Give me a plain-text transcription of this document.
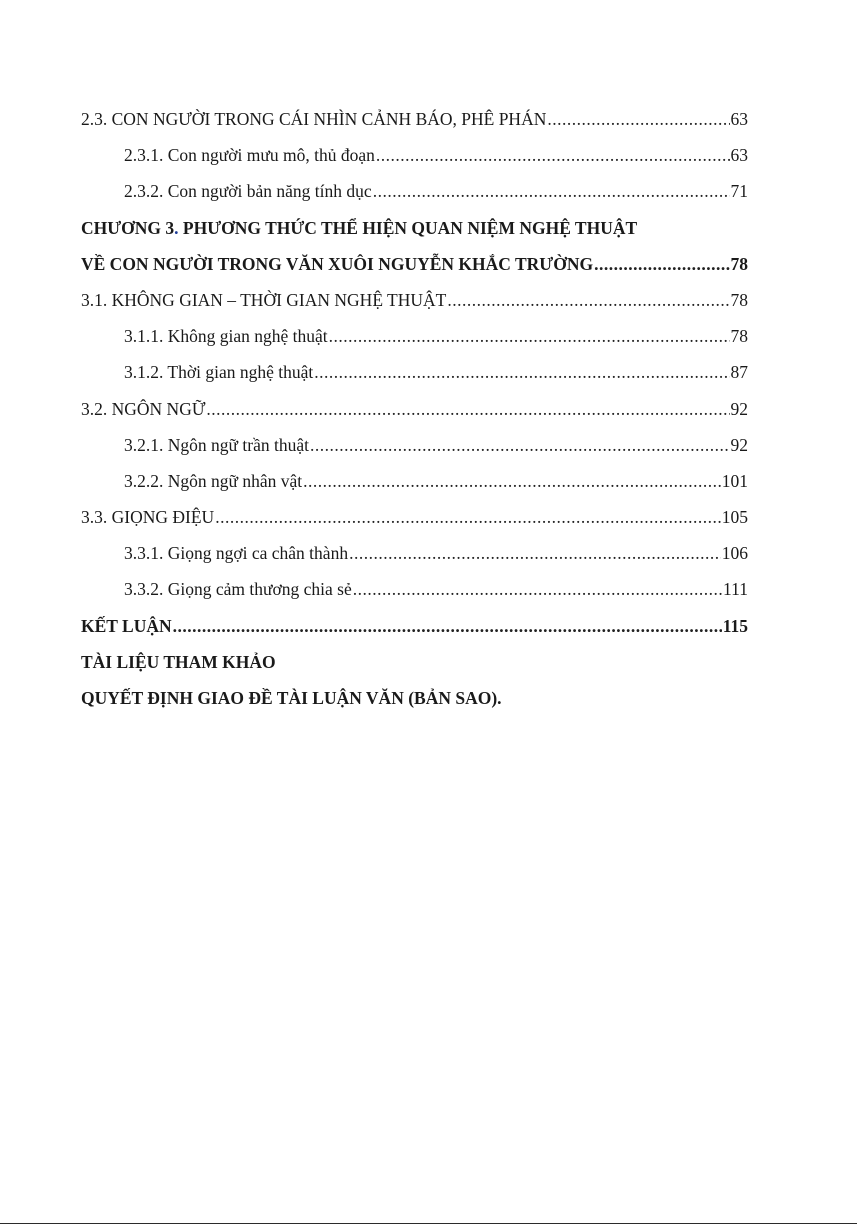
2.3. CON NGƯỜI TRONG CÁI NHÌN CẢNH BÁO, PHÊ PHÁN .....	63
2.3.1. Con người mưu mô, thủ đoạn .....	63
2.3.2. Con người bản năng tính dục .....	71
CHƯƠNG 3 .
PHƯƠNG THỨC THỂ HIỆN QUAN NIỆM NGHỆ THUẬT
VỀ CON NGƯỜI TRONG VĂN XUÔI NGUYỄN KHẮC TRƯỜNG .....	78
3.1. KHÔNG GIAN – THỜI GIAN NGHỆ THUẬT .....	78
3.1.1. Không gian nghệ thuật .....	78
3.1.2. Thời gian nghệ thuật .....	87
3.2. NGÔN NGỮ .....	92
3.2.1. Ngôn ngữ trần thuật .....	92
3.2.2. Ngôn ngữ nhân vật .....	101
3.3. GIỌNG ĐIỆU .....	105
3.3.1. Giọng ngợi ca chân thành .....	106
3.3.2. Giọng cảm thương chia sẻ .....	111
KẾT LUẬN .....	115
TÀI LIỆU THAM KHẢO
QUYẾT ĐỊNH GIAO ĐỀ TÀI LUẬN VĂN (BẢN SAO).
